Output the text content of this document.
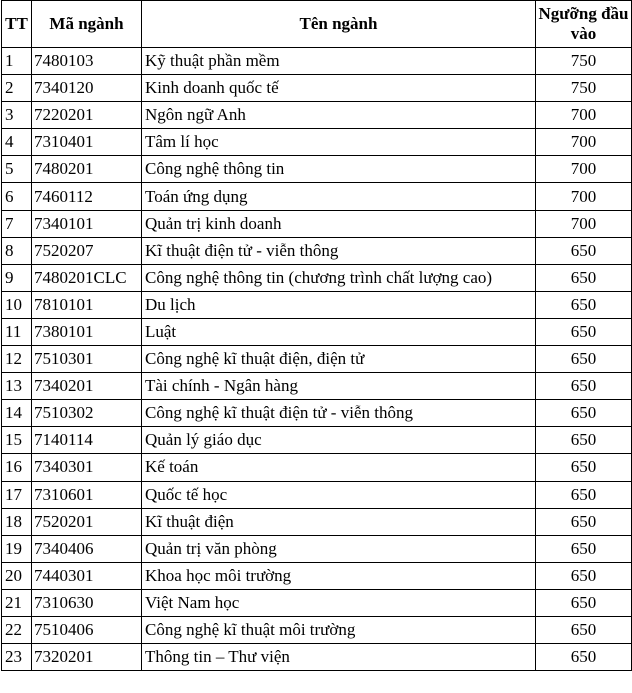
TT	Mã ngành	Tên ngành	Ngưỡng đầu vào
1	7480103	Kỹ thuật phần mềm	750
2	7340120	Kinh doanh quốc tế	750
3	7220201	Ngôn ngữ Anh	700
4	7310401	Tâm lí học	700
5	7480201	Công nghệ thông tin	700
6	7460112	Toán ứng dụng	700
7	7340101	Quản trị kinh doanh	700
8	7520207	Kĩ thuật điện tử - viễn thông	650
9	7480201CLC	Công nghệ thông tin (chương trình chất lượng cao)	650
10	7810101	Du lịch	650
11	7380101	Luật	650
12	7510301	Công nghệ kĩ thuật điện, điện tử	650
13	7340201	Tài chính - Ngân hàng	650
14	7510302	Công nghệ kĩ thuật điện tử - viễn thông	650
15	7140114	Quản lý giáo dục	650
16	7340301	Kế toán	650
17	7310601	Quốc tế học	650
18	7520201	Kĩ thuật điện	650
19	7340406	Quản trị văn phòng	650
20	7440301	Khoa học môi trường	650
21	7310630	Việt Nam học	650
22	7510406	Công nghệ kĩ thuật môi trường	650
23	7320201	Thông tin – Thư viện	650
